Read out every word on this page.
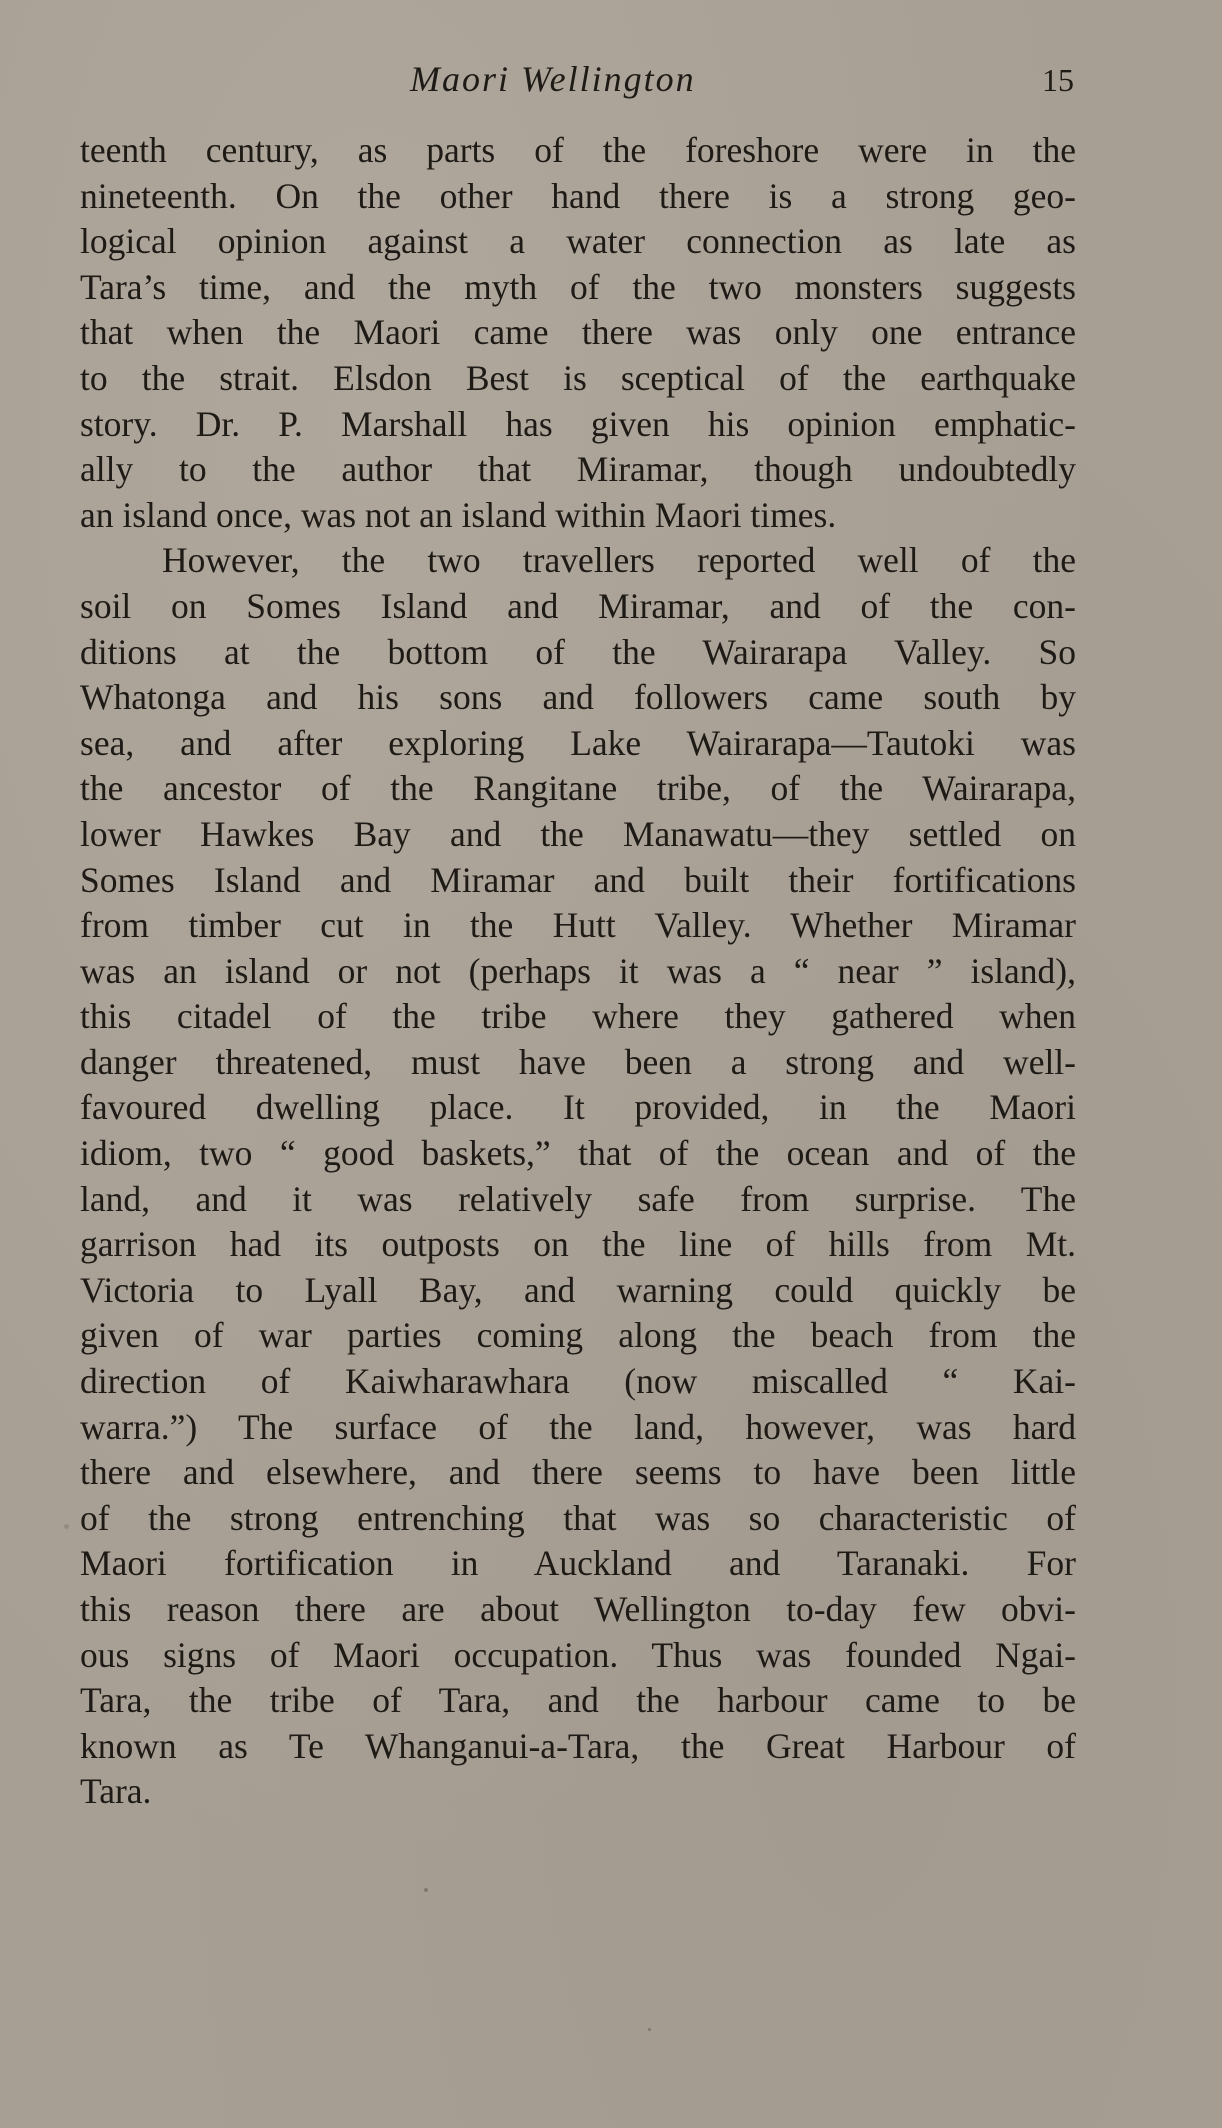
Maori Wellington	15
teenth century, as parts of the foreshore were in the
nineteenth. On the other hand there is a strong geo-
logical opinion against a water connection as late as
Tara’s time, and the myth of the two monsters suggests
that when the Maori came there was only one entrance
to the strait. Elsdon Best is sceptical of the earthquake
story. Dr. P. Marshall has given his opinion emphatic-
ally to the author that Miramar, though undoubtedly
an island once, was not an island within Maori times.
However, the two travellers reported well of the
soil on Somes Island and Miramar, and of the con-
ditions at the bottom of the Wairarapa Valley. So
Whatonga and his sons and followers came south by
sea, and after exploring Lake Wairarapa—Tautoki was
the ancestor of the Rangitane tribe, of the Wairarapa,
lower Hawkes Bay and the Manawatu—they settled on
Somes Island and Miramar and built their fortifications
from timber cut in the Hutt Valley. Whether Miramar
was an island or not (perhaps it was a “ near ” island),
this citadel of the tribe where they gathered when
danger threatened, must have been a strong and well-
favoured dwelling place. It provided, in the Maori
idiom, two “ good baskets,” that of the ocean and of the
land, and it was relatively safe from surprise. The
garrison had its outposts on the line of hills from Mt.
Victoria to Lyall Bay, and warning could quickly be
given of war parties coming along the beach from the
direction of Kaiwharawhara (now miscalled “ Kai-
warra.”) The surface of the land, however, was hard
there and elsewhere, and there seems to have been little
of the strong entrenching that was so characteristic of
Maori fortification in Auckland and Taranaki. For
this reason there are about Wellington to-day few obvi-
ous signs of Maori occupation. Thus was founded Ngai-
Tara, the tribe of Tara, and the harbour came to be
known as Te Whanganui-a-Tara, the Great Harbour of
Tara.
